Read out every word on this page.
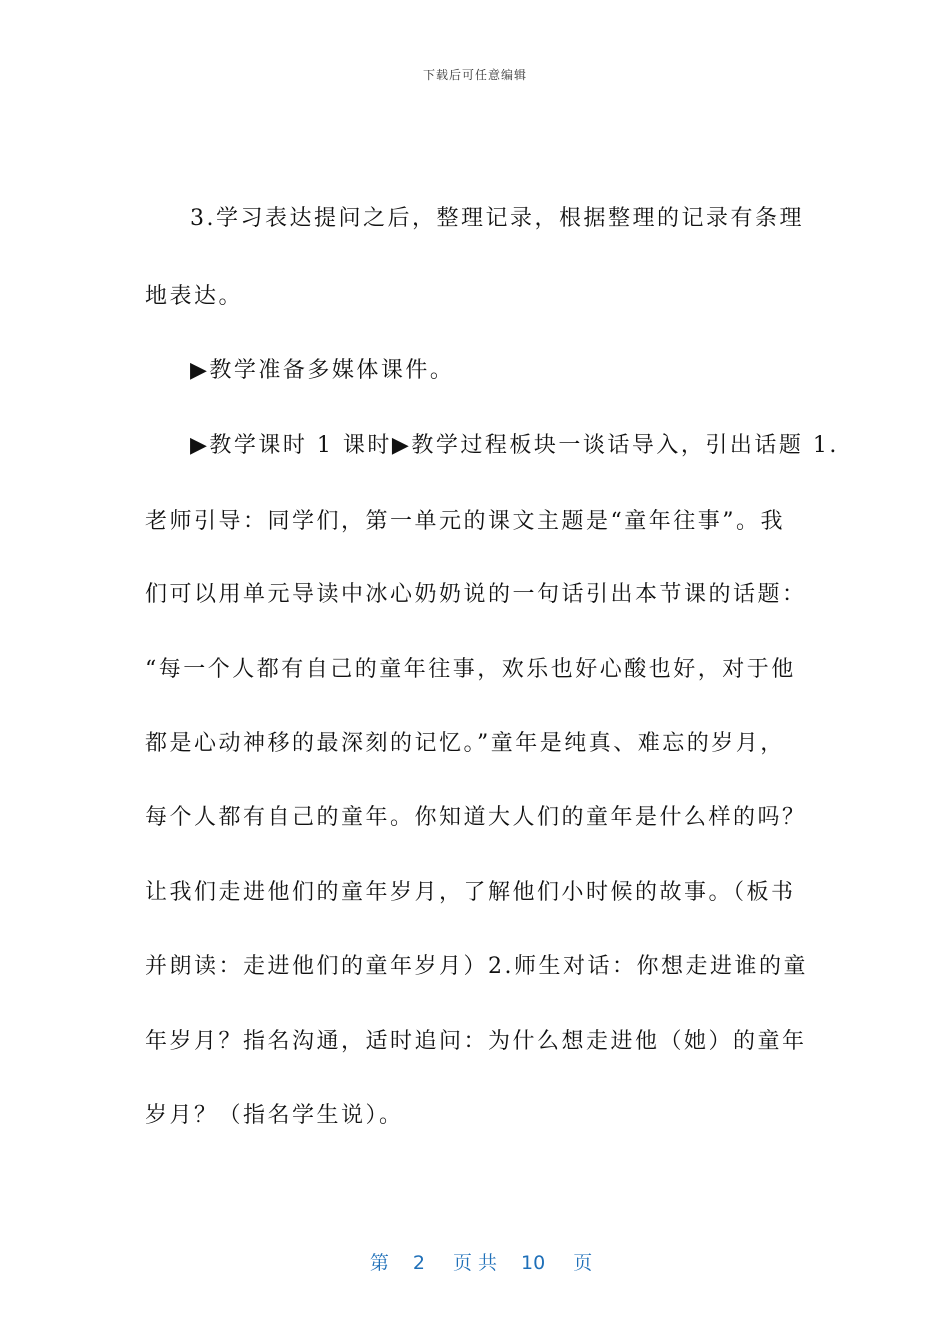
下载后可任意编辑
3.学习表达提问之后，整理记录，根据整理的记录有条理
地表达。
▶教学准备多媒体课件。
▶教学课时 1 课时▶教学过程板块一谈话导入，引出话题 1.
老师引导：同学们，第一单元的课文主题是“童年往事”。我
们可以用单元导读中冰心奶奶说的一句话引出本节课的话题：
“每一个人都有自己的童年往事，欢乐也好心酸也好，对于他
都是心动神移的最深刻的记忆。”童年是纯真、难忘的岁月，
每个人都有自己的童年。你知道大人们的童年是什么样的吗？
让我们走进他们的童年岁月，了解他们小时候的故事。（板书
并朗读：走进他们的童年岁月）2.师生对话：你想走进谁的童
年岁月？指名沟通，适时追问：为什么想走进他（她）的童年
岁月？（指名学生说）。

第 2 页 共 10 页
